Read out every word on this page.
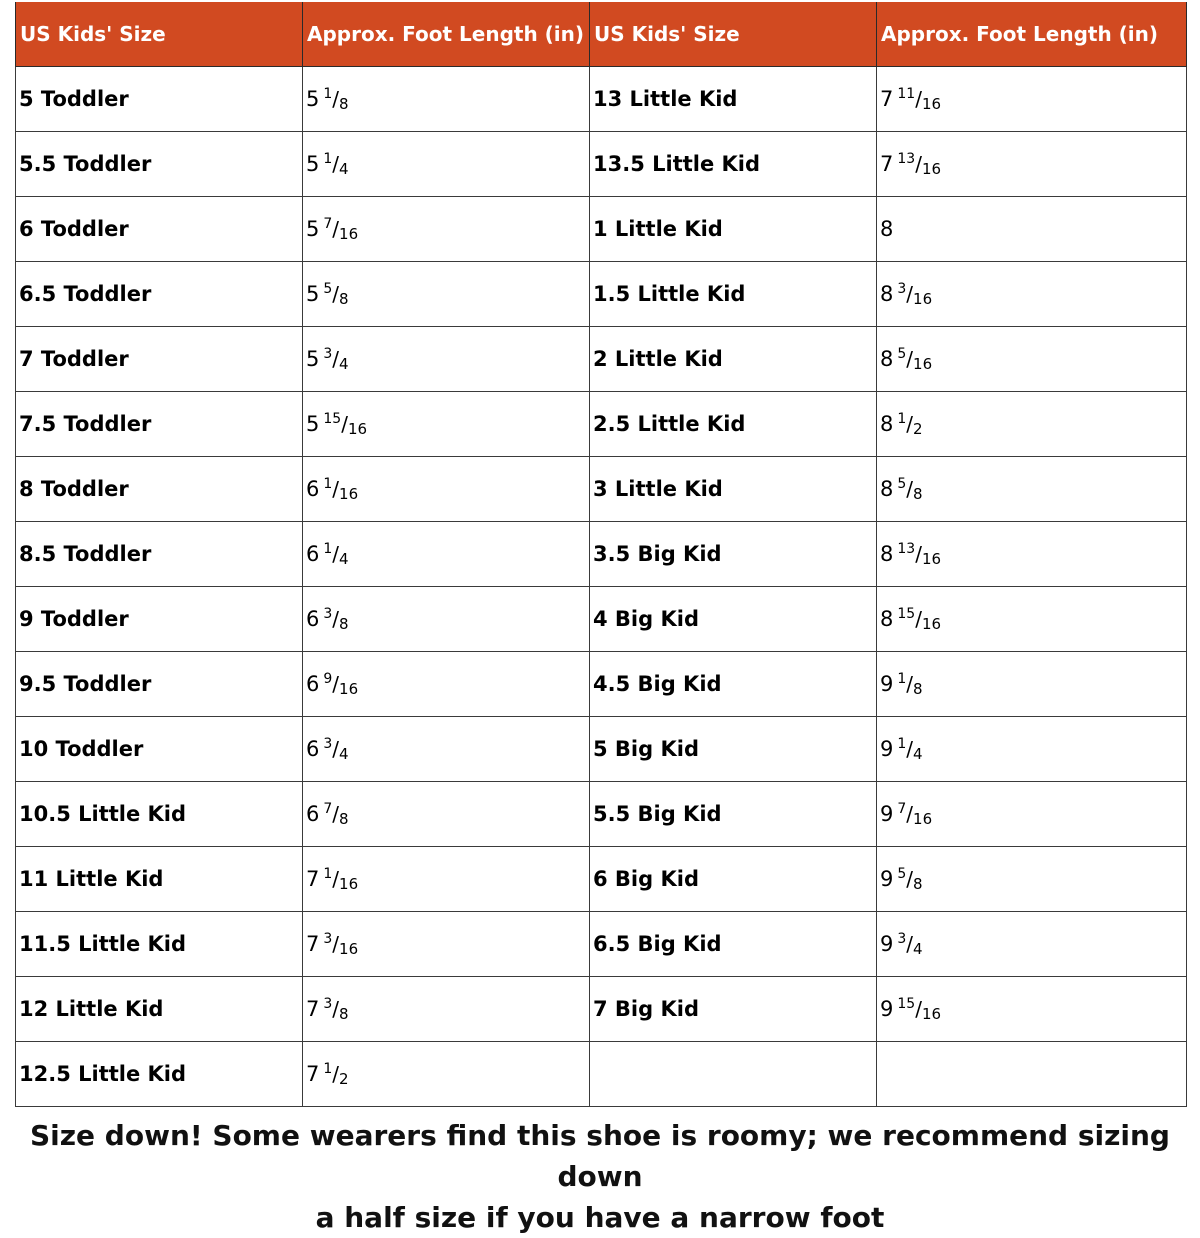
US Kids' Size	Approx. Foot Length (in)	US Kids' Size	Approx. Foot Length (in)
5 Toddler	5 $^1$/8	13 Little Kid	7 $^{11}$/16
5.5 Toddler	5 $^1$/4	13.5 Little Kid	7 $^{13}$/16
6 Toddler	5 $^7$/16	1 Little Kid	8
6.5 Toddler	5 $^5$/8	1.5 Little Kid	8 $^3$/16
7 Toddler	5 $^3$/4	2 Little Kid	8 $^5$/16
7.5 Toddler	5 $^{15}$/16	2.5 Little Kid	8 $^1$/2
8 Toddler	6 $^1$/16	3 Little Kid	8 $^5$/8
8.5 Toddler	6 $^1$/4	3.5 Big Kid	8 $^{13}$/16
9 Toddler	6 $^3$/8	4 Big Kid	8 $^{15}$/16
9.5 Toddler	6 $^9$/16	4.5 Big Kid	9 $^1$/8
10 Toddler	6 $^3$/4	5 Big Kid	9 $^1$/4
10.5 Little Kid	6 $^7$/8	5.5 Big Kid	9 $^7$/16
11 Little Kid	7 $^1$/16	6 Big Kid	9 $^5$/8
11.5 Little Kid	7 $^3$/16	6.5 Big Kid	9 $^3$/4
12 Little Kid	7 $^3$/8	7 Big Kid	9 $^{15}$/16
12.5 Little Kid	7 $^1$/2		

Size down! Some wearers find this shoe is roomy; we recommend sizing down
a half size if you have a narrow foot
